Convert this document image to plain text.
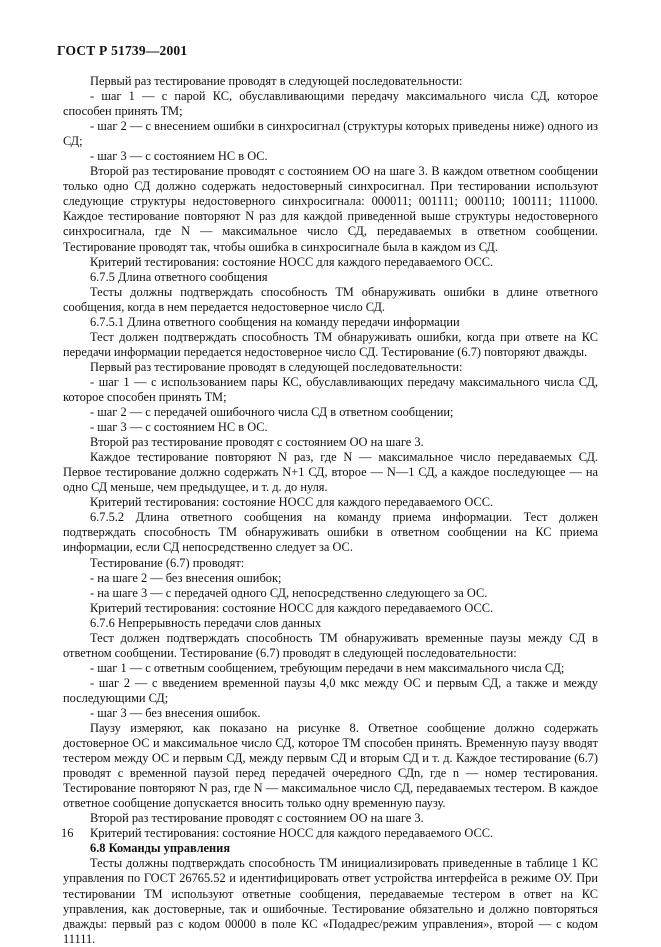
ГОСТ Р 51739—2001

Первый раз тестирование проводят в следующей последовательности:

- шаг 1 — с парой КС, обуславливающими передачу максимального числа СД, которое способен принять ТМ;

- шаг 2 — с внесением ошибки в синхросигнал (структуры которых приведены ниже) одного из СД;

- шаг 3 — с состоянием НС в ОС.

Второй раз тестирование проводят с состоянием ОО на шаге 3. В каждом ответном сообщении только одно СД должно содержать недостоверный синхросигнал. При тестировании используют следующие структуры недостоверного синхросигнала: 000011; 001111; 000110; 100111; 111000. Каждое тестирование повторяют N раз для каждой приведенной выше структуры недостоверного синхросигнала, где N — максимальное число СД, передаваемых в ответном сообщении. Тестирование проводят так, чтобы ошибка в синхросигнале была в каждом из СД.

Критерий тестирования: состояние НОСС для каждого передаваемого ОСС.

6.7.5 Длина ответного сообщения

Тесты должны подтверждать способность ТМ обнаруживать ошибки в длине ответного сообщения, когда в нем передается недостоверное число СД.

6.7.5.1 Длина ответного сообщения на команду передачи информации

Тест должен подтверждать способность ТМ обнаруживать ошибки, когда при ответе на КС передачи информации передается недостоверное число СД. Тестирование (6.7) повторяют дважды.

Первый раз тестирование проводят в следующей последовательности:

- шаг 1 — с использованием пары КС, обуславливающих передачу максимального числа СД, которое способен принять ТМ;

- шаг 2 — с передачей ошибочного числа СД в ответном сообщении;

- шаг 3 — с состоянием НС в ОС.

Второй раз тестирование проводят с состоянием ОО на шаге 3.

Каждое тестирование повторяют N раз, где N — максимальное число передаваемых СД. Первое тестирование должно содержать N+1 СД, второе — N—1 СД, а каждое последующее — на одно СД меньше, чем предыдущее, и т. д. до нуля.

Критерий тестирования: состояние НОСС для каждого передаваемого ОСС.

6.7.5.2 Длина ответного сообщения на команду приема информации. Тест должен подтверждать способность ТМ обнаруживать ошибки в ответном сообщении на КС приема информации, если СД непосредственно следует за ОС.

Тестирование (6.7) проводят:

- на шаге 2 — без внесения ошибок;

- на шаге 3 — с передачей одного СД, непосредственно следующего за ОС.

Критерий тестирования: состояние НОСС для каждого передаваемого ОСС.

6.7.6 Непрерывность передачи слов данных

Тест должен подтверждать способность ТМ обнаруживать временные паузы между СД в ответном сообщении. Тестирование (6.7) проводят в следующей последовательности:

- шаг 1 — с ответным сообщением, требующим передачи в нем максимального числа СД;

- шаг 2 — с введением временной паузы 4,0 мкс между ОС и первым СД, а также и между последующими СД;

- шаг 3 — без внесения ошибок.

Паузу измеряют, как показано на рисунке 8. Ответное сообщение должно содержать достоверное ОС и максимальное число СД, которое ТМ способен принять. Временную паузу вводят тестером между ОС и первым СД, между первым СД и вторым СД и т. д. Каждое тестирование (6.7) проводят с временной паузой перед передачей очередного СДn, где n — номер тестирования. Тестирование повторяют N раз, где N — максимальное число СД, передаваемых тестером. В каждое ответное сообщение допускается вносить только одну временную паузу.

Второй раз тестирование проводят с состоянием ОО на шаге 3.

Критерий тестирования: состояние НОСС для каждого передаваемого ОСС.

6.8 Команды управления

Тесты должны подтверждать способность ТМ инициализировать приведенные в таблице 1 КС управления по ГОСТ 26765.52 и идентифицировать ответ устройства интерфейса в режиме ОУ. При тестировании ТМ используют ответные сообщения, передаваемые тестером в ответ на КС управления, как достоверные, так и ошибочные. Тестирование обязательно и должно повторяться дважды: первый раз с кодом 00000 в поле КС «Подадрес/режим управления», второй — с кодом 11111.

16
